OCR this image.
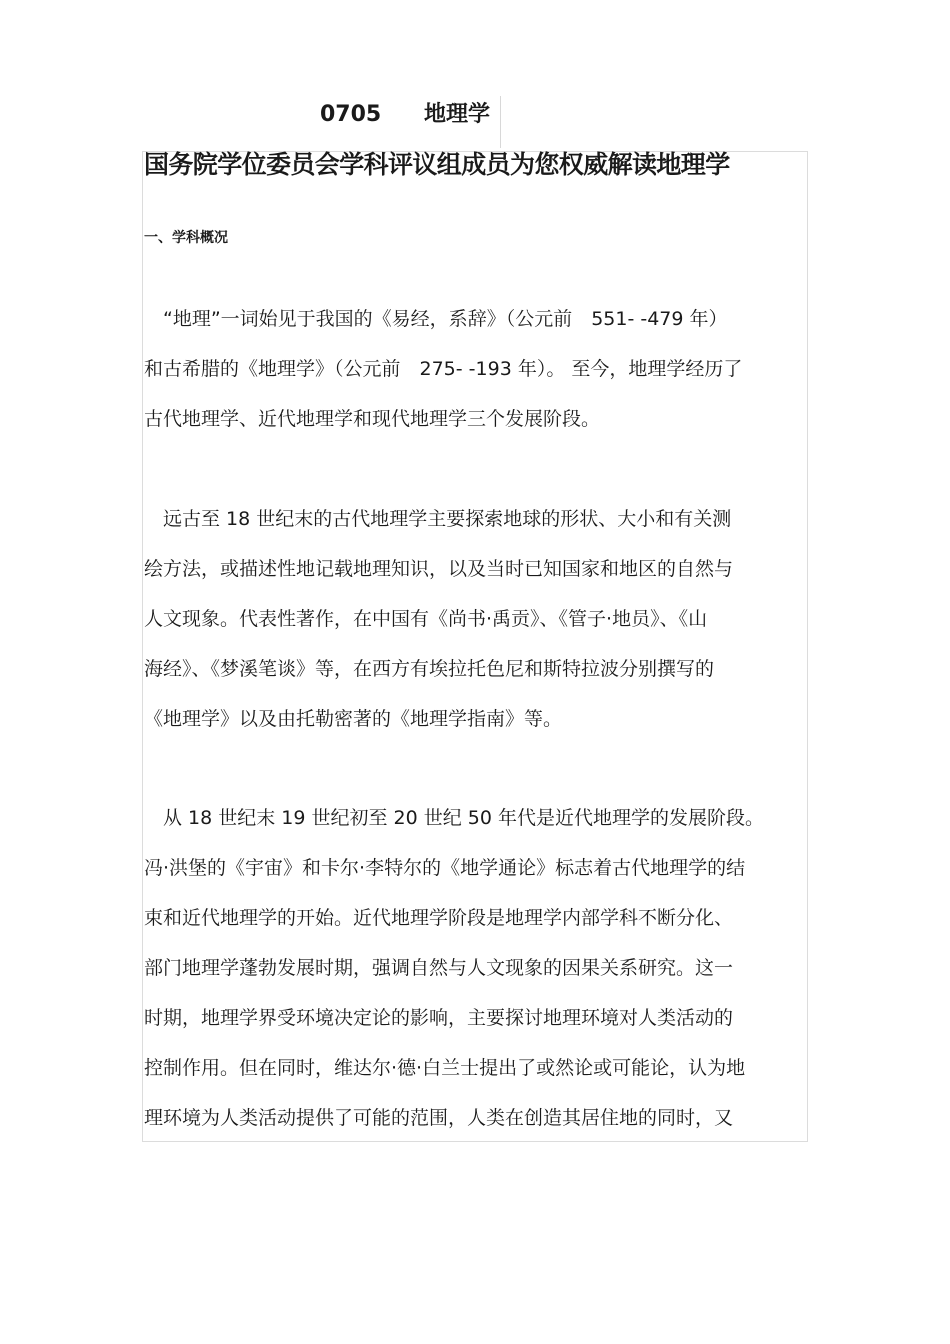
0705 地理学
国务院学位委员会学科评议组成员为您权威解读地理学
一、学科概况
　“地理”一词始见于我国的《易经，系辞》（公元前　551- -479 年）
和古希腊的《地理学》（公元前　275- -193 年）。 至今，地理学经历了
古代地理学、近代地理学和现代地理学三个发展阶段。
　远古至 18 世纪末的古代地理学主要探索地球的形状、大小和有关测
绘方法，或描述性地记载地理知识，以及当时已知国家和地区的自然与
人文现象。代表性著作，在中国有《尚书·禹贡》、《管子·地员》、《山
海经》、《梦溪笔谈》等，在西方有埃拉托色尼和斯特拉波分别撰写的
《地理学》以及由托勒密著的《地理学指南》等。
　从 18 世纪末 19 世纪初至 20 世纪 50 年代是近代地理学的发展阶段。
冯·洪堡的《宇宙》和卡尔·李特尔的《地学通论》标志着古代地理学的结
束和近代地理学的开始。近代地理学阶段是地理学内部学科不断分化、
部门地理学蓬勃发展时期，强调自然与人文现象的因果关系研究。这一
时期，地理学界受环境决定论的影响，主要探讨地理环境对人类活动的
控制作用。但在同时，维达尔·德·白兰士提出了或然论或可能论，认为地
理环境为人类活动提供了可能的范围，人类在创造其居住地的同时，又
